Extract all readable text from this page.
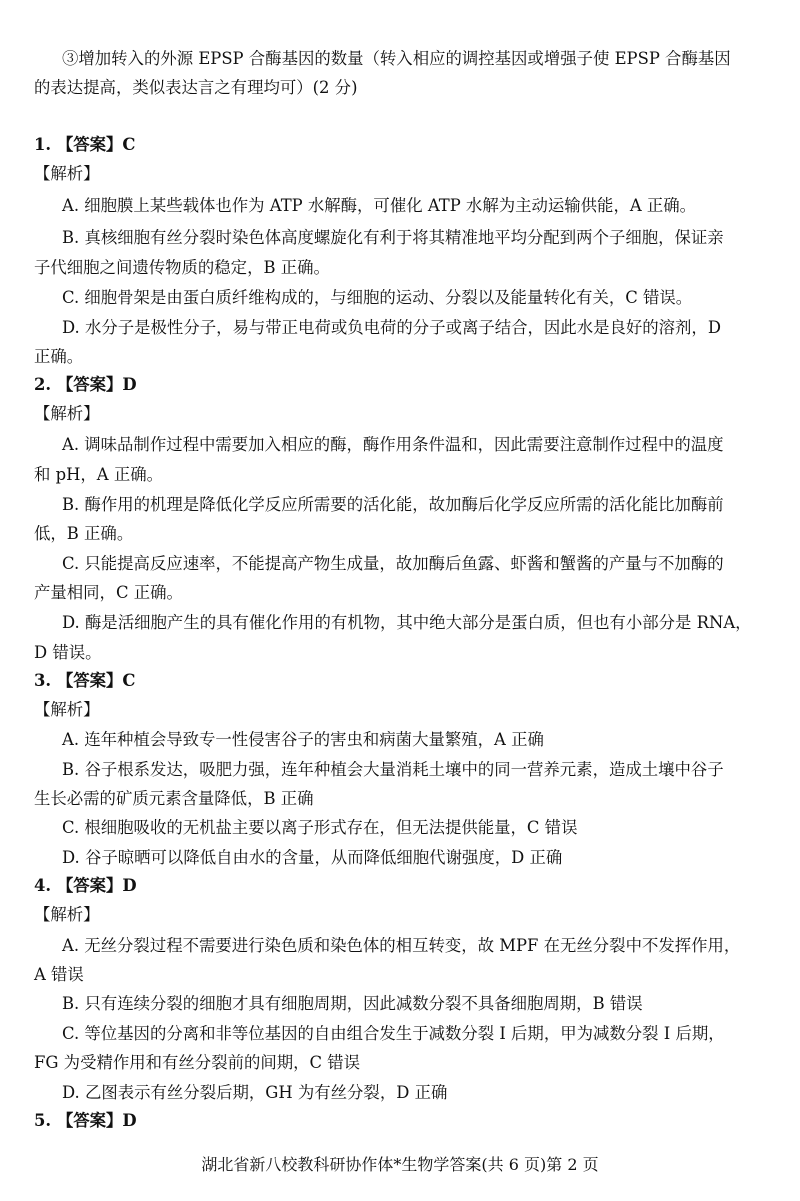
③增加转入的外源 EPSP 合酶基因的数量（转入相应的调控基因或增强子使 EPSP 合酶基因
的表达提高，类似表达言之有理均可）(2 分)
1. 【答案】C
【解析】
A. 细胞膜上某些载体也作为 ATP 水解酶，可催化 ATP 水解为主动运输供能，A 正确。
B. 真核细胞有丝分裂时染色体高度螺旋化有利于将其精准地平均分配到两个子细胞，保证亲
子代细胞之间遗传物质的稳定，B 正确。
C. 细胞骨架是由蛋白质纤维构成的，与细胞的运动、分裂以及能量转化有关，C 错误。
D. 水分子是极性分子，易与带正电荷或负电荷的分子或离子结合，因此水是良好的溶剂，D
正确。
2. 【答案】D
【解析】
A. 调味品制作过程中需要加入相应的酶，酶作用条件温和，因此需要注意制作过程中的温度
和 pH，A 正确。
B. 酶作用的机理是降低化学反应所需要的活化能，故加酶后化学反应所需的活化能比加酶前
低，B 正确。
C. 只能提高反应速率，不能提高产物生成量，故加酶后鱼露、虾酱和蟹酱的产量与不加酶的
产量相同，C 正确。
D. 酶是活细胞产生的具有催化作用的有机物，其中绝大部分是蛋白质，但也有小部分是 RNA，
D 错误。
3. 【答案】C
【解析】
A. 连年种植会导致专一性侵害谷子的害虫和病菌大量繁殖，A 正确
B. 谷子根系发达，吸肥力强，连年种植会大量消耗土壤中的同一营养元素，造成土壤中谷子
生长必需的矿质元素含量降低，B 正确
C. 根细胞吸收的无机盐主要以离子形式存在，但无法提供能量，C 错误
D. 谷子晾晒可以降低自由水的含量，从而降低细胞代谢强度，D 正确
4. 【答案】D
【解析】
A. 无丝分裂过程不需要进行染色质和染色体的相互转变，故 MPF 在无丝分裂中不发挥作用，
A 错误
B. 只有连续分裂的细胞才具有细胞周期，因此减数分裂不具备细胞周期，B 错误
C. 等位基因的分离和非等位基因的自由组合发生于减数分裂 I 后期，甲为减数分裂 I 后期，
FG 为受精作用和有丝分裂前的间期，C 错误
D. 乙图表示有丝分裂后期，GH 为有丝分裂，D 正确
5. 【答案】D
湖北省新八校教科研协作体*生物学答案(共 6 页)第 2 页
